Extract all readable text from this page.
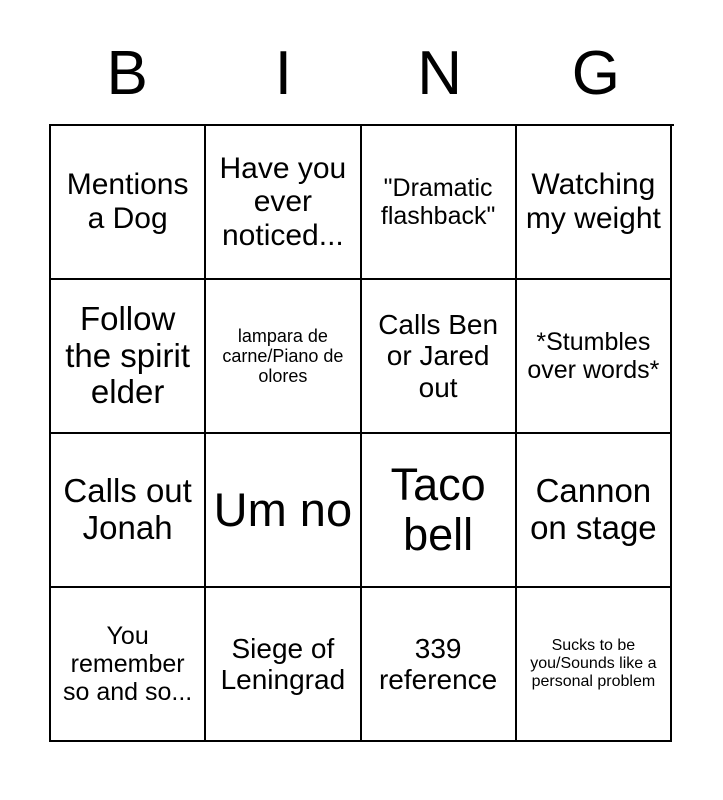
B	I	N	G
Mentions a Dog
Have you ever noticed...
"Dramatic flashback"
Watching my weight
Follow the spirit elder
lampara de carne/Piano de olores
Calls Ben or Jared out
*Stumbles over words*
Calls out Jonah Um no Taco bell
Cannon on stage
You remember so and so...
Siege of Leningrad
339 reference
Sucks to be you/Sounds like a personal problem
